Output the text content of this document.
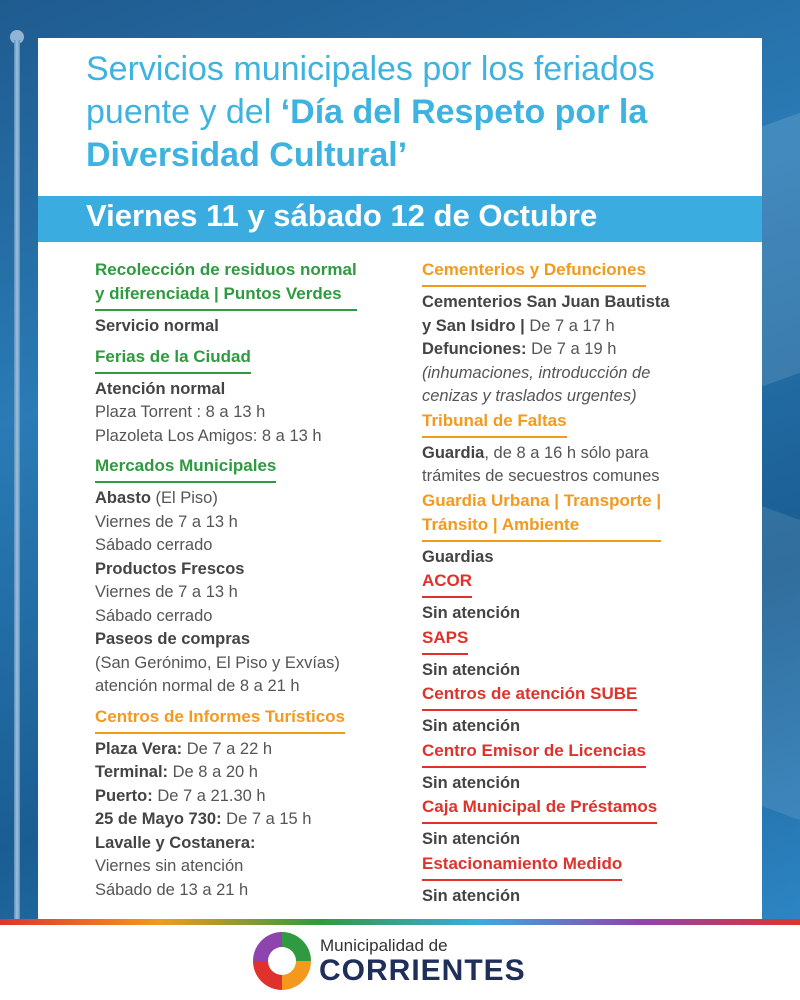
Servicios municipales por los feriados
puente y del ‘Día del Respeto por la
Diversidad Cultural’
Viernes 11 y sábado 12 de Octubre
Recolección de residuos normal
y diferenciada | Puntos Verdes
Servicio normal
Ferias de la Ciudad
Atención normal
Plaza Torrent : 8 a 13 h
Plazoleta Los Amigos: 8 a 13 h
Mercados Municipales
Abasto (El Piso)
Viernes de 7 a 13 h
Sábado cerrado
Productos Frescos
Viernes de 7 a 13 h
Sábado cerrado
Paseos de compras
(San Gerónimo, El Piso y Exvías)
atención normal de 8 a 21 h
Centros de Informes Turísticos
Plaza Vera: De 7 a 22 h
Terminal: De 8 a 20 h
Puerto: De 7 a 21.30 h
25 de Mayo 730: De 7 a 15 h
Lavalle y Costanera:
Viernes sin atención
Sábado de 13 a 21 h
Cementerios y Defunciones
Cementerios San Juan Bautista
y San Isidro | De 7 a 17 h
Defunciones: De 7 a 19 h
(inhumaciones, introducción de
cenizas y traslados urgentes)
Tribunal de Faltas
Guardia, de 8 a 16 h sólo para
trámites de secuestros comunes
Guardia Urbana | Transporte |
Tránsito | Ambiente
Guardias
ACOR
Sin atención
SAPS
Sin atención
Centros de atención SUBE
Sin atención
Centro Emisor de Licencias
Sin atención
Caja Municipal de Préstamos
Sin atención
Estacionamiento Medido
Sin atención
Municipalidad de
CORRIENTES
